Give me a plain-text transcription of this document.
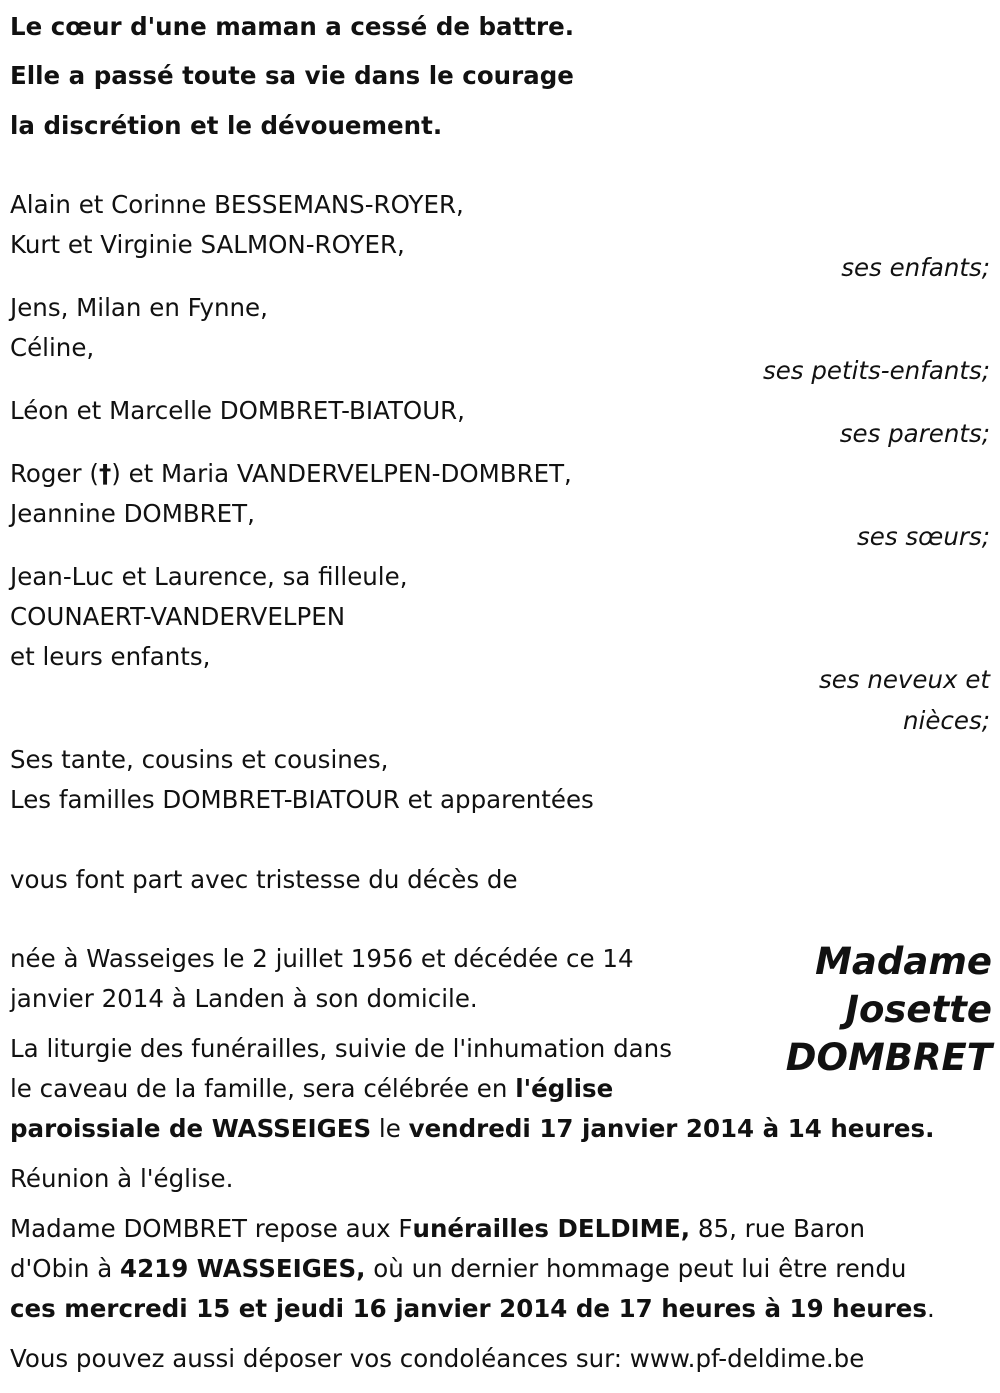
Le cœur d'une maman a cessé de battre.
Elle a passé toute sa vie dans le courage
la discrétion et le dévouement.
Alain et Corinne BESSEMANS-ROYER,
Kurt et Virginie SALMON-ROYER,
ses enfants;
Jens, Milan en Fynne,
Céline,
ses petits-enfants;
Léon et Marcelle DOMBRET-BIATOUR,
ses parents;
Roger (†) et Maria VANDERVELPEN-DOMBRET,
Jeannine DOMBRET,
ses sœurs;
Jean-Luc et Laurence, sa filleule,
COUNAERT-VANDERVELPEN
et leurs enfants,
ses neveux et
nièces;
Ses tante, cousins et cousines,
Les familles DOMBRET-BIATOUR et apparentées
vous font part avec tristesse du décès de
Madame
Josette
DOMBRET
née à Wasseiges le 2 juillet 1956 et décédée ce 14
janvier 2014 à Landen à son domicile.
La liturgie des funérailles, suivie de l'inhumation dans
le caveau de la famille, sera célébrée en l'église
paroissiale de WASSEIGES le vendredi 17 janvier 2014 à 14 heures.
Réunion à l'église.
Madame DOMBRET repose aux Funérailles DELDIME, 85, rue Baron
d'Obin à 4219 WASSEIGES, où un dernier hommage peut lui être rendu
ces mercredi 15 et jeudi 16 janvier 2014 de 17 heures à 19 heures.
Vous pouvez aussi déposer vos condoléances sur: www.pf-deldime.be
